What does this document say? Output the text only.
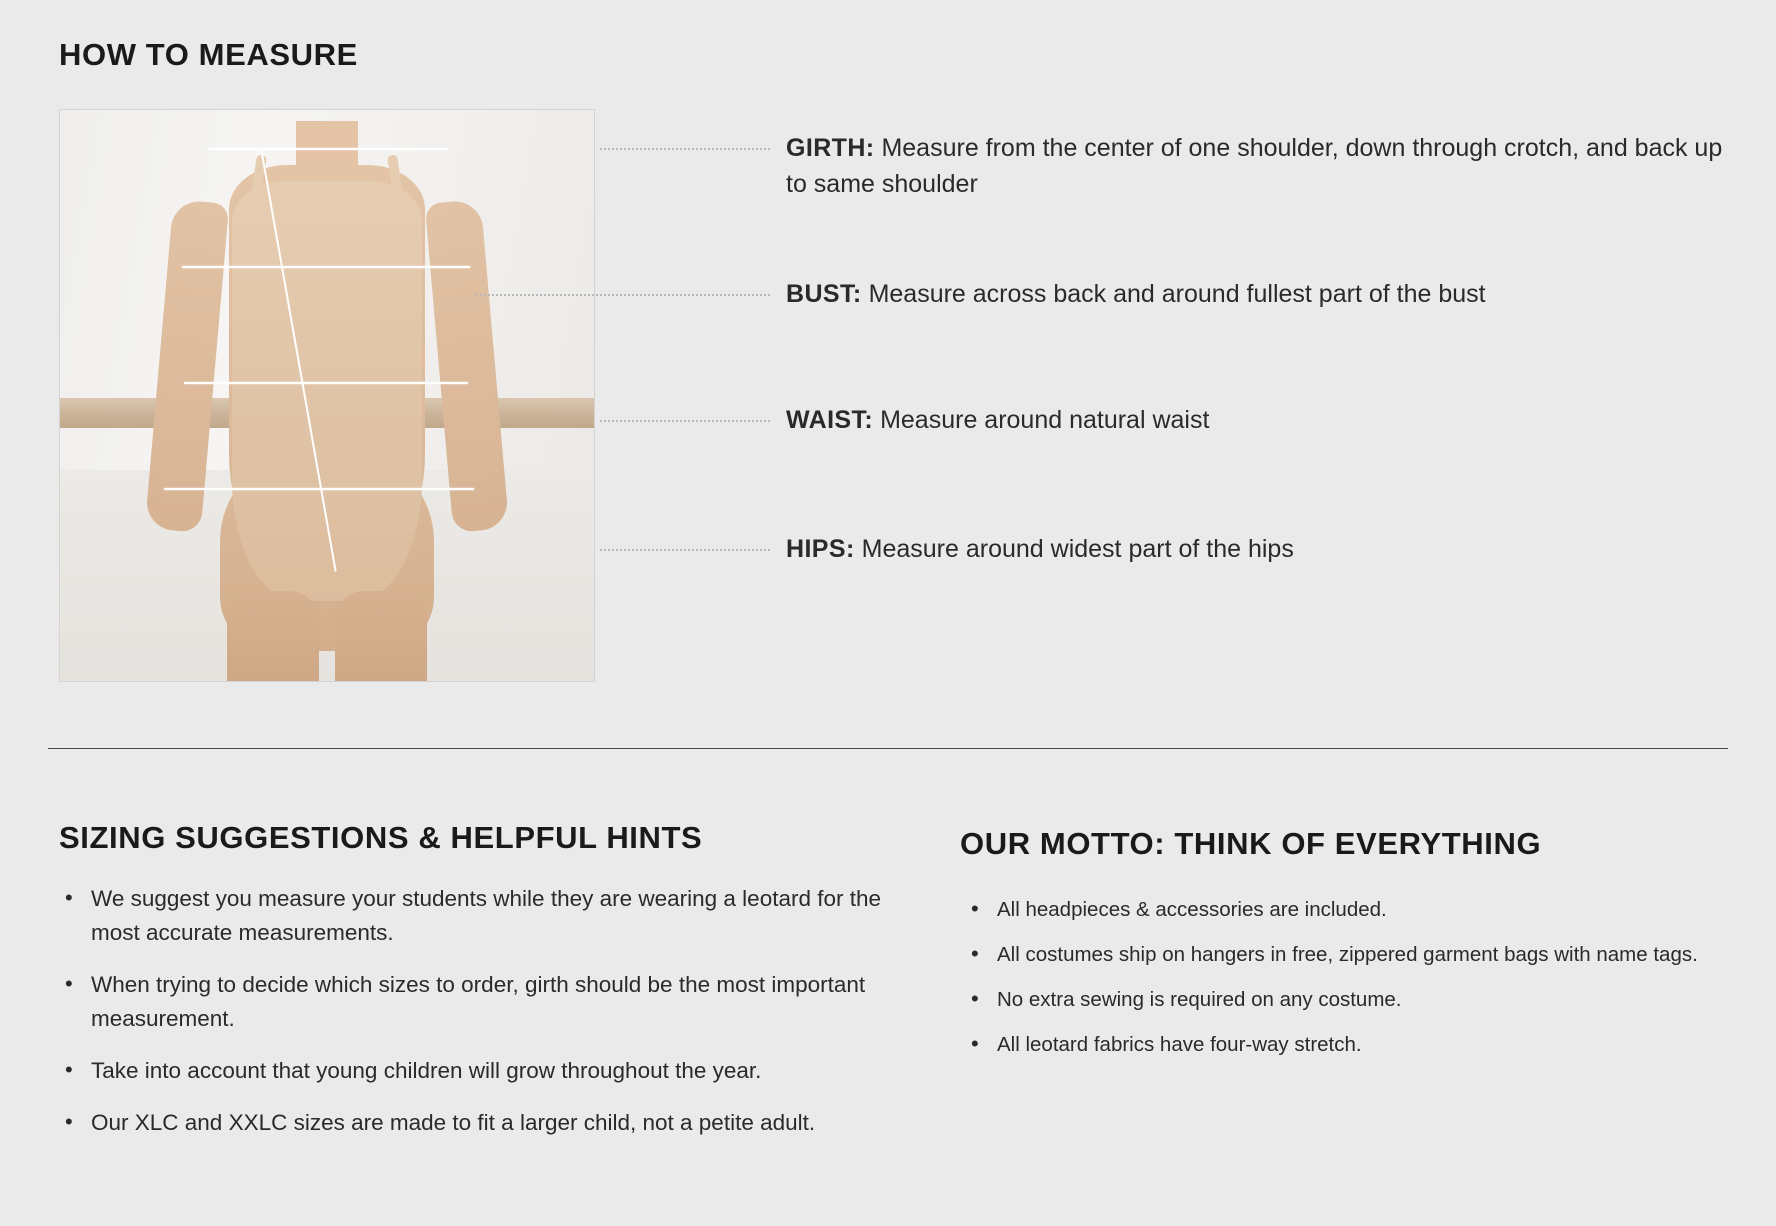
HOW TO MEASURE
GIRTH: Measure from the center of one shoulder, down through crotch, and back up to same shoulder
BUST: Measure across back and around fullest part of the bust
WAIST: Measure around natural waist
HIPS: Measure around widest part of the hips
SIZING SUGGESTIONS & HELPFUL HINTS
• We suggest you measure your students while they are wearing a leotard for the most accurate measurements.
• When trying to decide which sizes to order, girth should be the most important measurement.
• Take into account that young children will grow throughout the year.
• Our XLC and XXLC sizes are made to fit a larger child, not a petite adult.
OUR MOTTO: THINK OF EVERYTHING
• All headpieces & accessories are included.
• All costumes ship on hangers in free, zippered garment bags with name tags.
• No extra sewing is required on any costume.
• All leotard fabrics have four-way stretch.
